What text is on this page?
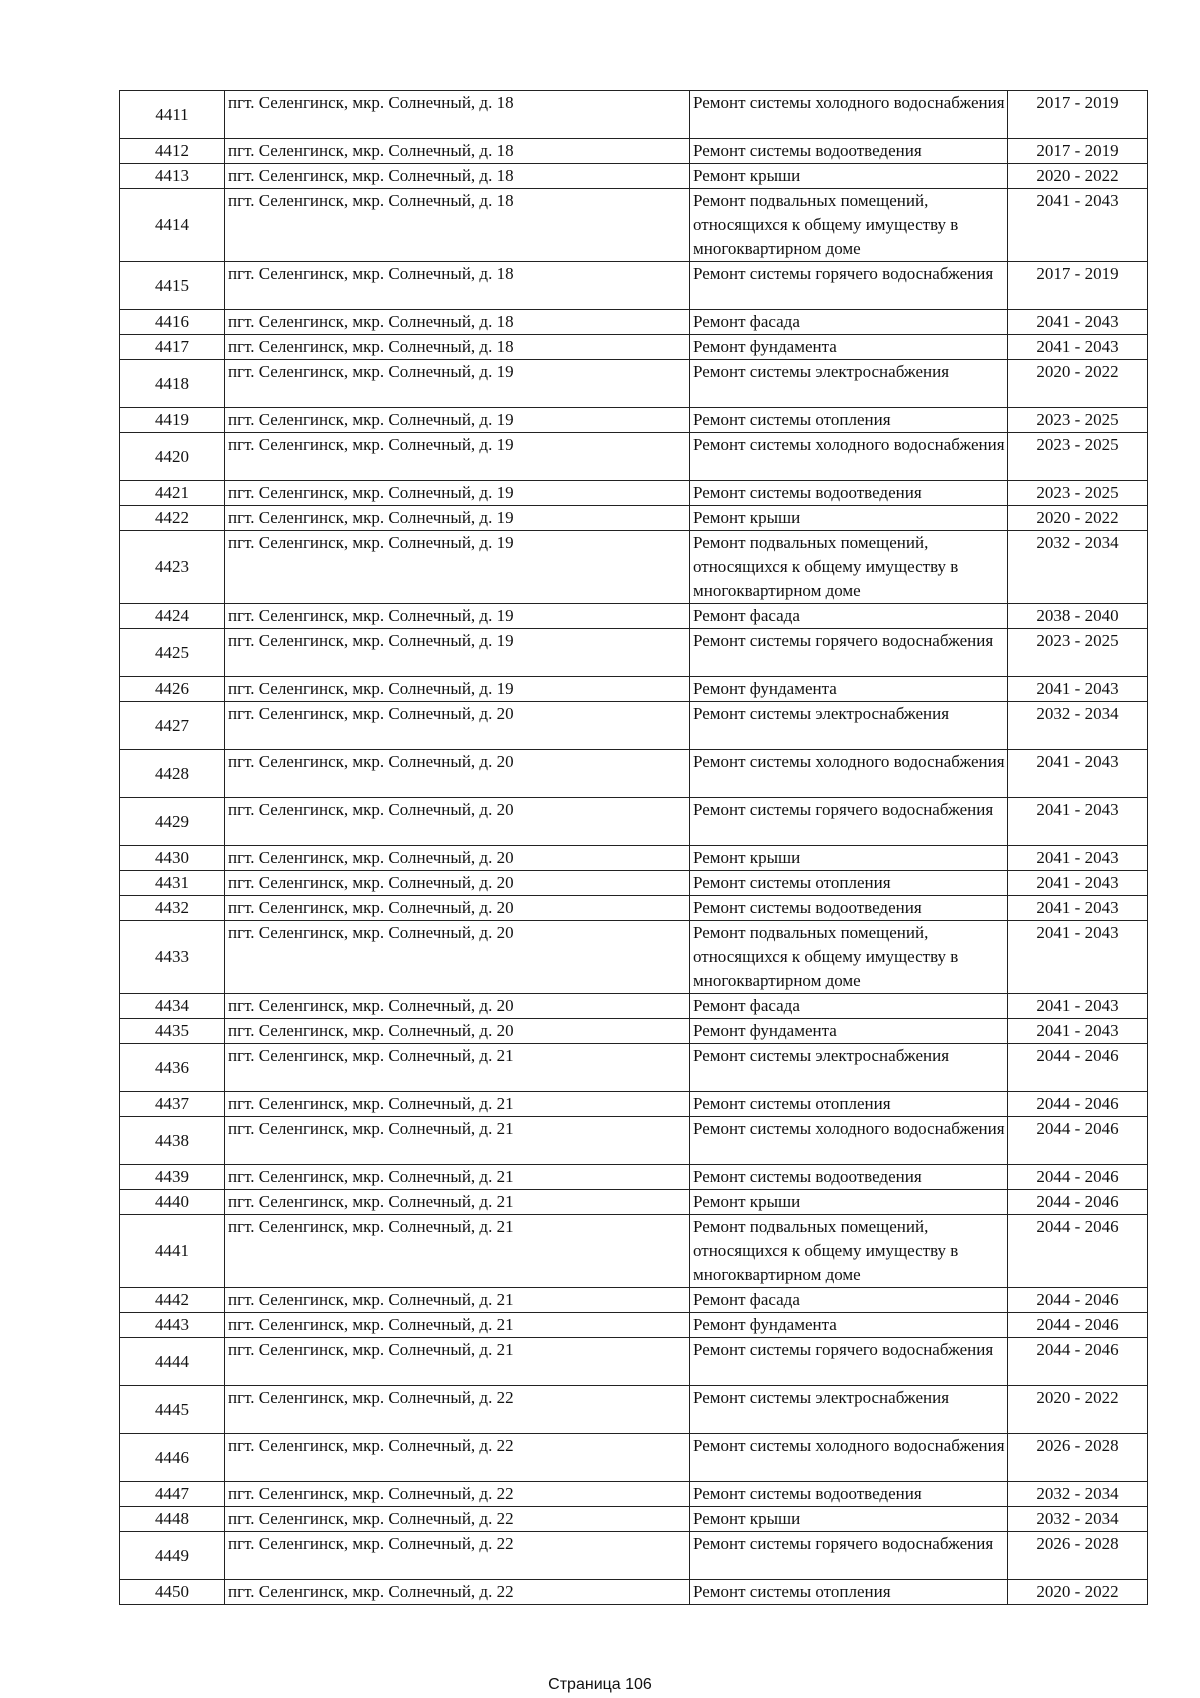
4411	пгт. Селенгинск, мкр. Солнечный, д. 18	Ремонт системы холодного водоснабжения	2017 - 2019
4412	пгт. Селенгинск, мкр. Солнечный, д. 18	Ремонт системы водоотведения	2017 - 2019
4413	пгт. Селенгинск, мкр. Солнечный, д. 18	Ремонт крыши	2020 - 2022
4414	пгт. Селенгинск, мкр. Солнечный, д. 18	Ремонт подвальных помещений, относящихся к общему имуществу в многоквартирном доме	2041 - 2043
4415	пгт. Селенгинск, мкр. Солнечный, д. 18	Ремонт системы горячего водоснабжения	2017 - 2019
4416	пгт. Селенгинск, мкр. Солнечный, д. 18	Ремонт фасада	2041 - 2043
4417	пгт. Селенгинск, мкр. Солнечный, д. 18	Ремонт фундамента	2041 - 2043
4418	пгт. Селенгинск, мкр. Солнечный, д. 19	Ремонт системы электроснабжения	2020 - 2022
4419	пгт. Селенгинск, мкр. Солнечный, д. 19	Ремонт системы отопления	2023 - 2025
4420	пгт. Селенгинск, мкр. Солнечный, д. 19	Ремонт системы холодного водоснабжения	2023 - 2025
4421	пгт. Селенгинск, мкр. Солнечный, д. 19	Ремонт системы водоотведения	2023 - 2025
4422	пгт. Селенгинск, мкр. Солнечный, д. 19	Ремонт крыши	2020 - 2022
4423	пгт. Селенгинск, мкр. Солнечный, д. 19	Ремонт подвальных помещений, относящихся к общему имуществу в многоквартирном доме	2032 - 2034
4424	пгт. Селенгинск, мкр. Солнечный, д. 19	Ремонт фасада	2038 - 2040
4425	пгт. Селенгинск, мкр. Солнечный, д. 19	Ремонт системы горячего водоснабжения	2023 - 2025
4426	пгт. Селенгинск, мкр. Солнечный, д. 19	Ремонт фундамента	2041 - 2043
4427	пгт. Селенгинск, мкр. Солнечный, д. 20	Ремонт системы электроснабжения	2032 - 2034
4428	пгт. Селенгинск, мкр. Солнечный, д. 20	Ремонт системы холодного водоснабжения	2041 - 2043
4429	пгт. Селенгинск, мкр. Солнечный, д. 20	Ремонт системы горячего водоснабжения	2041 - 2043
4430	пгт. Селенгинск, мкр. Солнечный, д. 20	Ремонт крыши	2041 - 2043
4431	пгт. Селенгинск, мкр. Солнечный, д. 20	Ремонт системы отопления	2041 - 2043
4432	пгт. Селенгинск, мкр. Солнечный, д. 20	Ремонт системы водоотведения	2041 - 2043
4433	пгт. Селенгинск, мкр. Солнечный, д. 20	Ремонт подвальных помещений, относящихся к общему имуществу в многоквартирном доме	2041 - 2043
4434	пгт. Селенгинск, мкр. Солнечный, д. 20	Ремонт фасада	2041 - 2043
4435	пгт. Селенгинск, мкр. Солнечный, д. 20	Ремонт фундамента	2041 - 2043
4436	пгт. Селенгинск, мкр. Солнечный, д. 21	Ремонт системы электроснабжения	2044 - 2046
4437	пгт. Селенгинск, мкр. Солнечный, д. 21	Ремонт системы отопления	2044 - 2046
4438	пгт. Селенгинск, мкр. Солнечный, д. 21	Ремонт системы холодного водоснабжения	2044 - 2046
4439	пгт. Селенгинск, мкр. Солнечный, д. 21	Ремонт системы водоотведения	2044 - 2046
4440	пгт. Селенгинск, мкр. Солнечный, д. 21	Ремонт крыши	2044 - 2046
4441	пгт. Селенгинск, мкр. Солнечный, д. 21	Ремонт подвальных помещений, относящихся к общему имуществу в многоквартирном доме	2044 - 2046
4442	пгт. Селенгинск, мкр. Солнечный, д. 21	Ремонт фасада	2044 - 2046
4443	пгт. Селенгинск, мкр. Солнечный, д. 21	Ремонт фундамента	2044 - 2046
4444	пгт. Селенгинск, мкр. Солнечный, д. 21	Ремонт системы горячего водоснабжения	2044 - 2046
4445	пгт. Селенгинск, мкр. Солнечный, д. 22	Ремонт системы электроснабжения	2020 - 2022
4446	пгт. Селенгинск, мкр. Солнечный, д. 22	Ремонт системы холодного водоснабжения	2026 - 2028
4447	пгт. Селенгинск, мкр. Солнечный, д. 22	Ремонт системы водоотведения	2032 - 2034
4448	пгт. Селенгинск, мкр. Солнечный, д. 22	Ремонт крыши	2032 - 2034
4449	пгт. Селенгинск, мкр. Солнечный, д. 22	Ремонт системы горячего водоснабжения	2026 - 2028
4450	пгт. Селенгинск, мкр. Солнечный, д. 22	Ремонт системы отопления	2020 - 2022
Страница 106
